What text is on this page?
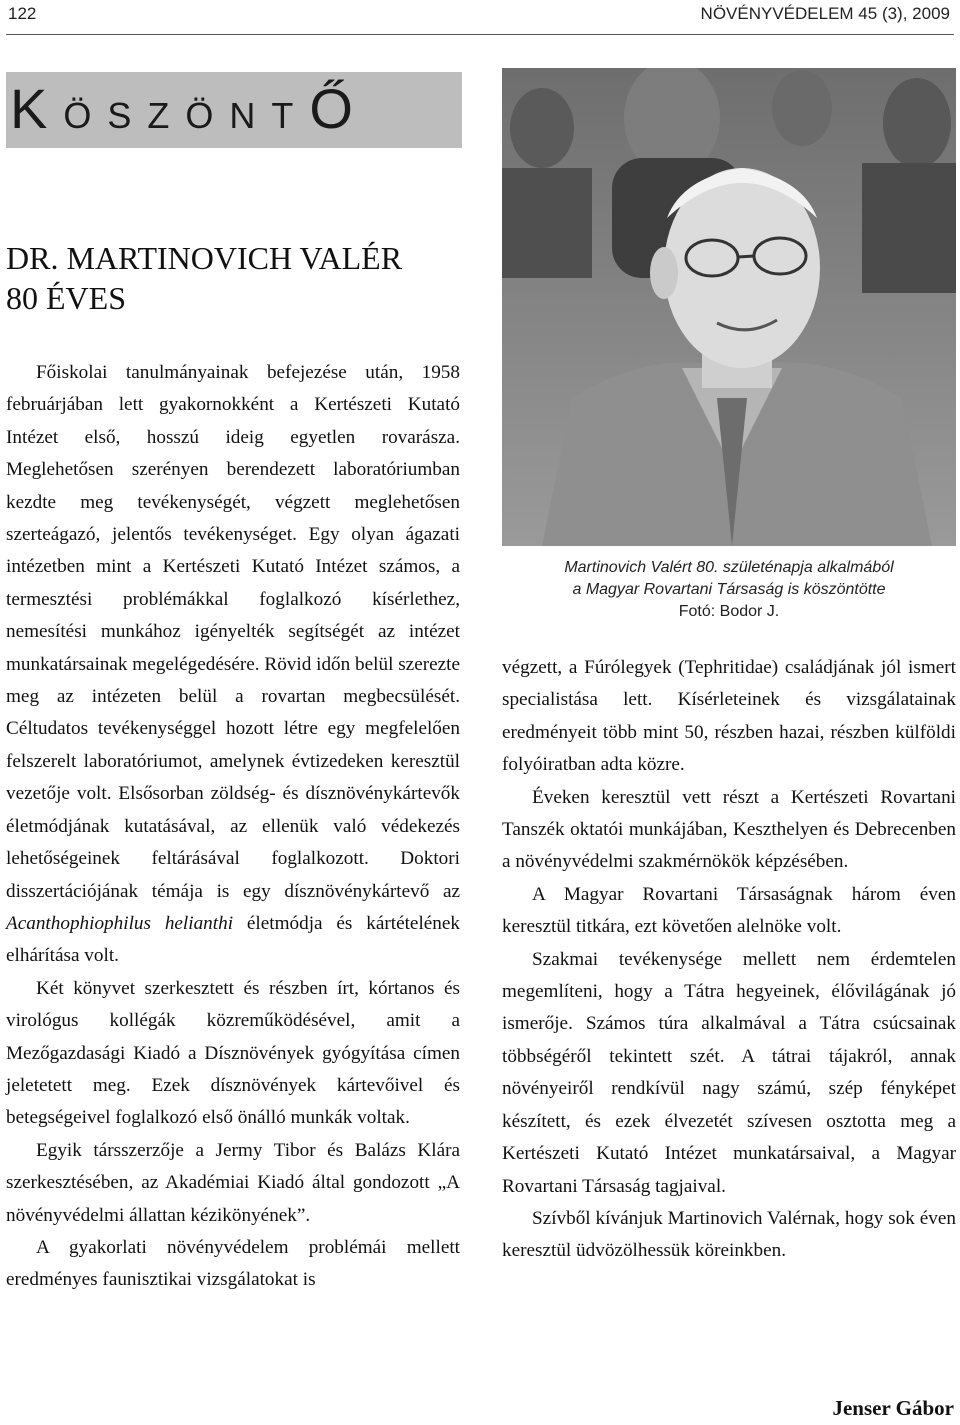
122	NÖVÉNYVÉDELEM 45 (3), 2009
KÖSZÖNTŐ
DR. MARTINOVICH VALÉR
80 ÉVES

Főiskolai tanulmányainak befejezése után, 1958 februárjában lett gyakornokként a Kertészeti Kutató Intézet első, hosszú ideig egyetlen rovarásza. Meglehetősen szerényen berendezett laboratóriumban kezdte meg tevékenységét, végzett meglehetősen szerteágazó, jelentős tevékenységet. Egy olyan ágazati intézetben mint a Kertészeti Kutató Intézet számos, a termesztési problémákkal foglalkozó kísérlethez, nemesítési munkához igényelték segítségét az intézet munkatársainak megelégedésére. Rövid időn belül szerezte meg az intézeten belül a rovartan megbecsülését. Céltudatos tevékenységgel hozott létre egy megfelelően felszerelt laboratóriumot, amelynek évtizedeken keresztül vezetője volt. Elsősorban zöldség- és dísznövénykártevők életmódjának kutatásával, az ellenük való védekezés lehetőségeinek feltárásával foglalkozott. Doktori disszertációjának témája is egy dísznövénykártevő az Acanthophiophilus helianthi életmódja és kártételének elhárítása volt.

Két könyvet szerkesztett és részben írt, kórtanos és virológus kollégák közreműködésével, amit a Mezőgazdasági Kiadó a Dísznövények gyógyítása címen jeletetett meg. Ezek dísznövények kártevőivel és betegségeivel foglalkozó első önálló munkák voltak.

Egyik társszerzője a Jermy Tibor és Balázs Klára szerkesztésében, az Akadémiai Kiadó által gondozott „A növényvédelmi állattan kézikönyének”.

A gyakorlati növényvédelem problémái mellett eredményes faunisztikai vizsgálatokat is

Martinovich Valért 80. születénapja alkalmából
a Magyar Rovartani Társaság is köszöntötte
Fotó: Bodor J.

végzett, a Fúrólegyek (Tephritidae) családjának jól ismert specialistása lett. Kísérleteinek és vizsgálatainak eredményeit több mint 50, részben hazai, részben külföldi folyóiratban adta közre.

Éveken keresztül vett részt a Kertészeti Rovartani Tanszék oktatói munkájában, Keszthelyen és Debrecenben a növényvédelmi szakmérnökök képzésében.

A Magyar Rovartani Társaságnak három éven keresztül titkára, ezt követően alelnöke volt.

Szakmai tevékenysége mellett nem érdemtelen megemlíteni, hogy a Tátra hegyeinek, élővilágának jó ismerője. Számos túra alkalmával a Tátra csúcsainak többségéről tekintett szét. A tátrai tájakról, annak növényeiről rendkívül nagy számú, szép fényképet készített, és ezek élvezetét szívesen osztotta meg a Kertészeti Kutató Intézet munkatársaival, a Magyar Rovartani Társaság tagjaival.

Szívből kívánjuk Martinovich Valérnak, hogy sok éven keresztül üdvözölhessük köreinkben.

Jenser Gábor
